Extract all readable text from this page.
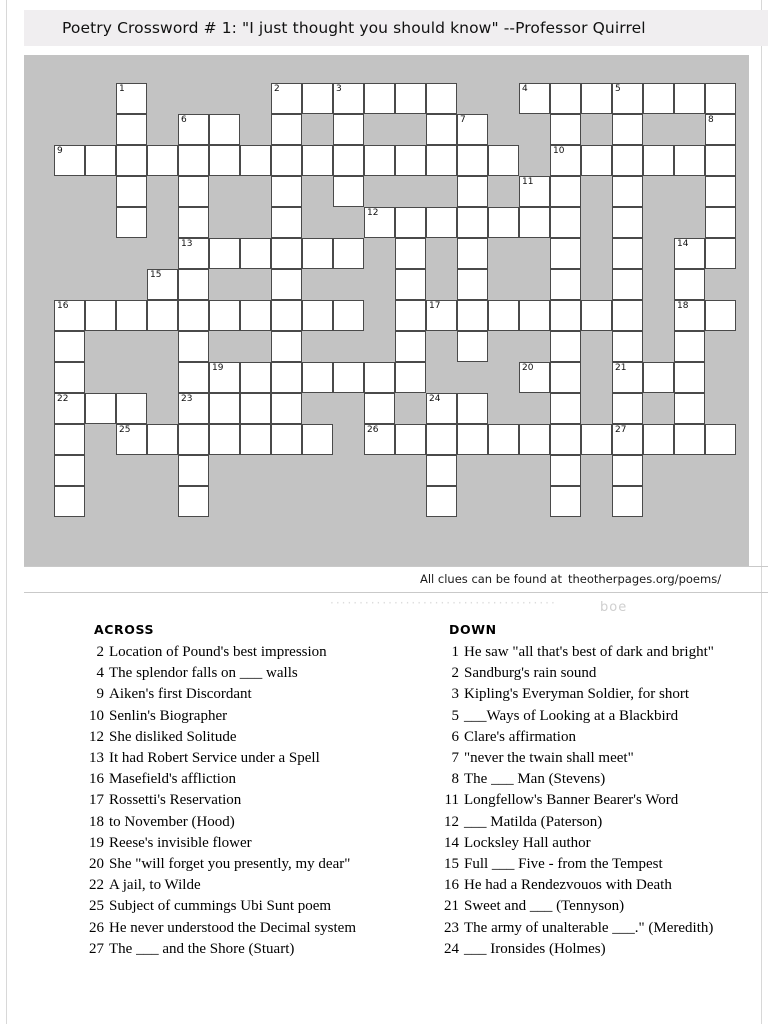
Poetry Crossword # 1: "I just thought you should know" --Professor Quirrel
1	2	3	4	5
6	7	8
9	10
11
12
13	14
15
16	17	18
19	20	21
22	23	24
25	26	27
All clues can be found at theotherpages.org/poems/
·······································	boe
ACROSS
2 Location of Pound's best impression
4 The splendor falls on ___ walls
9 Aiken's first Discordant
10 Senlin's Biographer
12 She disliked Solitude
13 It had Robert Service under a Spell
16 Masefield's affliction
17 Rossetti's Reservation
18 to November (Hood)
19 Reese's invisible flower
20 She "will forget you presently, my dear"
22 A jail, to Wilde
25 Subject of cummings Ubi Sunt poem
26 He never understood the Decimal system
27 The ___ and the Shore (Stuart)
DOWN
1 He saw "all that's best of dark and bright"
2 Sandburg's rain sound
3 Kipling's Everyman Soldier, for short
5 ___Ways of Looking at a Blackbird
6 Clare's affirmation
7 "never the twain shall meet"
8 The ___ Man (Stevens)
11 Longfellow's Banner Bearer's Word
12 ___ Matilda (Paterson)
14 Locksley Hall author
15 Full ___ Five - from the Tempest
16 He had a Rendezvouos with Death
21 Sweet and ___ (Tennyson)
23 The army of unalterable ___." (Meredith)
24 ___ Ironsides (Holmes)
